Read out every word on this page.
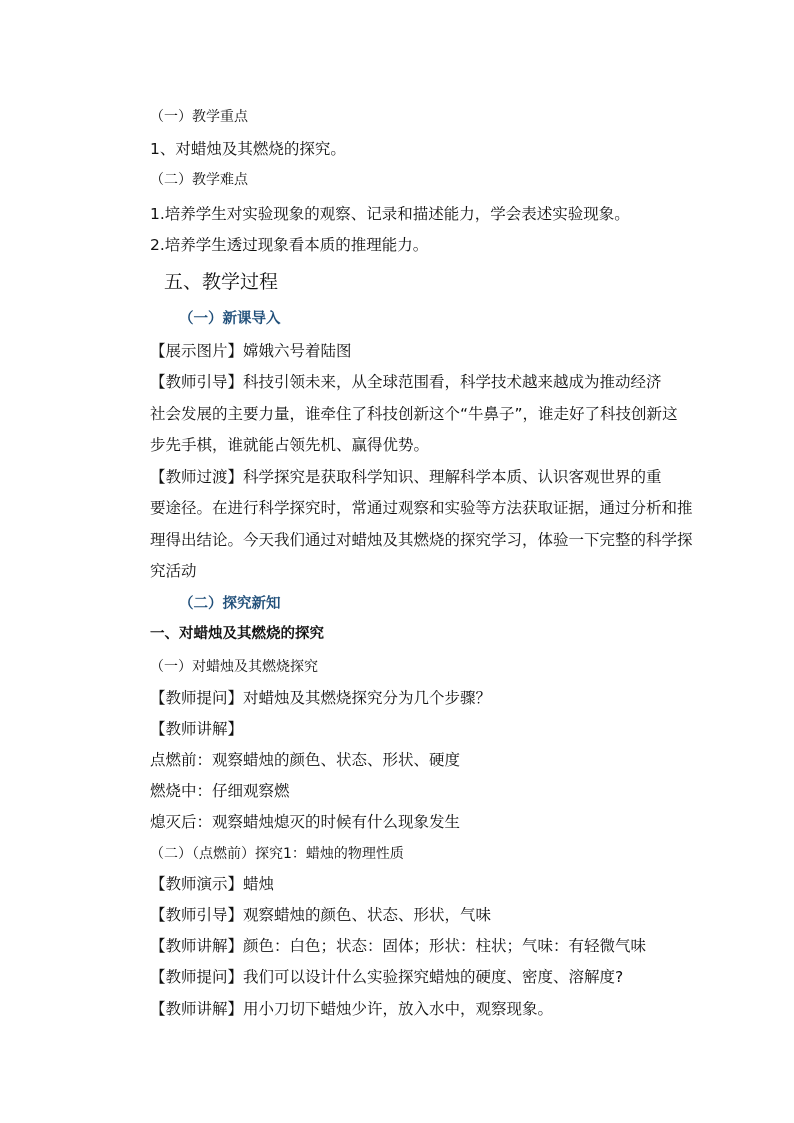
（一）教学重点
1、对蜡烛及其燃烧的探究。
（二）教学难点
1.培养学生对实验现象的观察、记录和描述能力，学会表述实验现象。
2.培养学生透过现象看本质的推理能力。
五、教学过程
（一）新课导入
【展示图片】嫦娥六号着陆图
【教师引导】科技引领未来，从全球范围看，科学技术越来越成为推动经济
社会发展的主要力量，谁牵住了科技创新这个“牛鼻子”，谁走好了科技创新这
步先手棋，谁就能占领先机、赢得优势。
【教师过渡】科学探究是获取科学知识、理解科学本质、认识客观世界的重
要途径。在进行科学探究时，常通过观察和实验等方法获取证据，通过分析和推
理得出结论。今天我们通过对蜡烛及其燃烧的探究学习，体验一下完整的科学探
究活动
（二）探究新知
一、对蜡烛及其燃烧的探究
（一）对蜡烛及其燃烧探究
【教师提问】对蜡烛及其燃烧探究分为几个步骤？
【教师讲解】
点燃前：观察蜡烛的颜色、状态、形状、硬度
燃烧中：仔细观察燃
熄灭后：观察蜡烛熄灭的时候有什么现象发生
（二）（点燃前）探究1：蜡烛的物理性质
【教师演示】蜡烛
【教师引导】观察蜡烛的颜色、状态、形状，气味
【教师讲解】颜色：白色；状态：固体；形状：柱状；气味：有轻微气味
【教师提问】我们可以设计什么实验探究蜡烛的硬度、密度、溶解度?
【教师讲解】用小刀切下蜡烛少许，放入水中，观察现象。
